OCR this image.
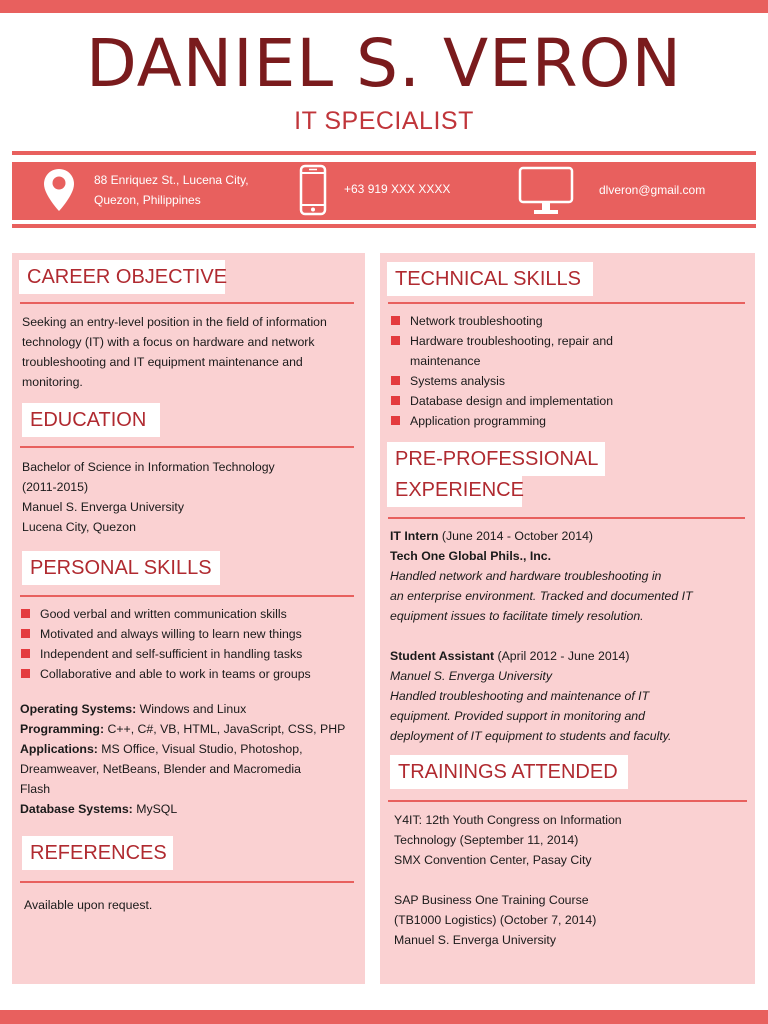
DANIEL S. VERON
IT SPECIALIST
88 Enriquez St., Lucena City,
Quezon, Philippines
+63 919 XXX XXXX	dlveron@gmail.com
CAREER OBJECTIVE
Seeking an entry-level position in the field of information
technology (IT) with a focus on hardware and network
troubleshooting and IT equipment maintenance and
monitoring.
EDUCATION
Bachelor of Science in Information Technology
(2011-2015)
Manuel S. Enverga University
Lucena City, Quezon
PERSONAL SKILLS
Good verbal and written communication skills
Motivated and always willing to learn new things
Independent and self-sufficient in handling tasks
Collaborative and able to work in teams or groups
Operating Systems: Windows and Linux
Programming: C++, C#, VB, HTML, JavaScript, CSS, PHP
Applications: MS Office, Visual Studio, Photoshop,
Dreamweaver, NetBeans, Blender and Macromedia
Flash
Database Systems: MySQL
REFERENCES
Available upon request.
TECHNICAL SKILLS
Network troubleshooting
Hardware troubleshooting, repair and
maintenance
Systems analysis
Database design and implementation
Application programming
PRE-PROFESSIONAL
EXPERIENCE
IT Intern (June 2014 - October 2014)
Tech One Global Phils., Inc.
Handled network and hardware troubleshooting in
an enterprise environment. Tracked and documented IT
equipment issues to facilitate timely resolution.
Student Assistant (April 2012 - June 2014)
Manuel S. Enverga University
Handled troubleshooting and maintenance of IT
equipment. Provided support in monitoring and
deployment of IT equipment to students and faculty.
TRAININGS ATTENDED
Y4IT: 12th Youth Congress on Information
Technology (September 11, 2014)
SMX Convention Center, Pasay City
SAP Business One Training Course
(TB1000 Logistics) (October 7, 2014)
Manuel S. Enverga University
